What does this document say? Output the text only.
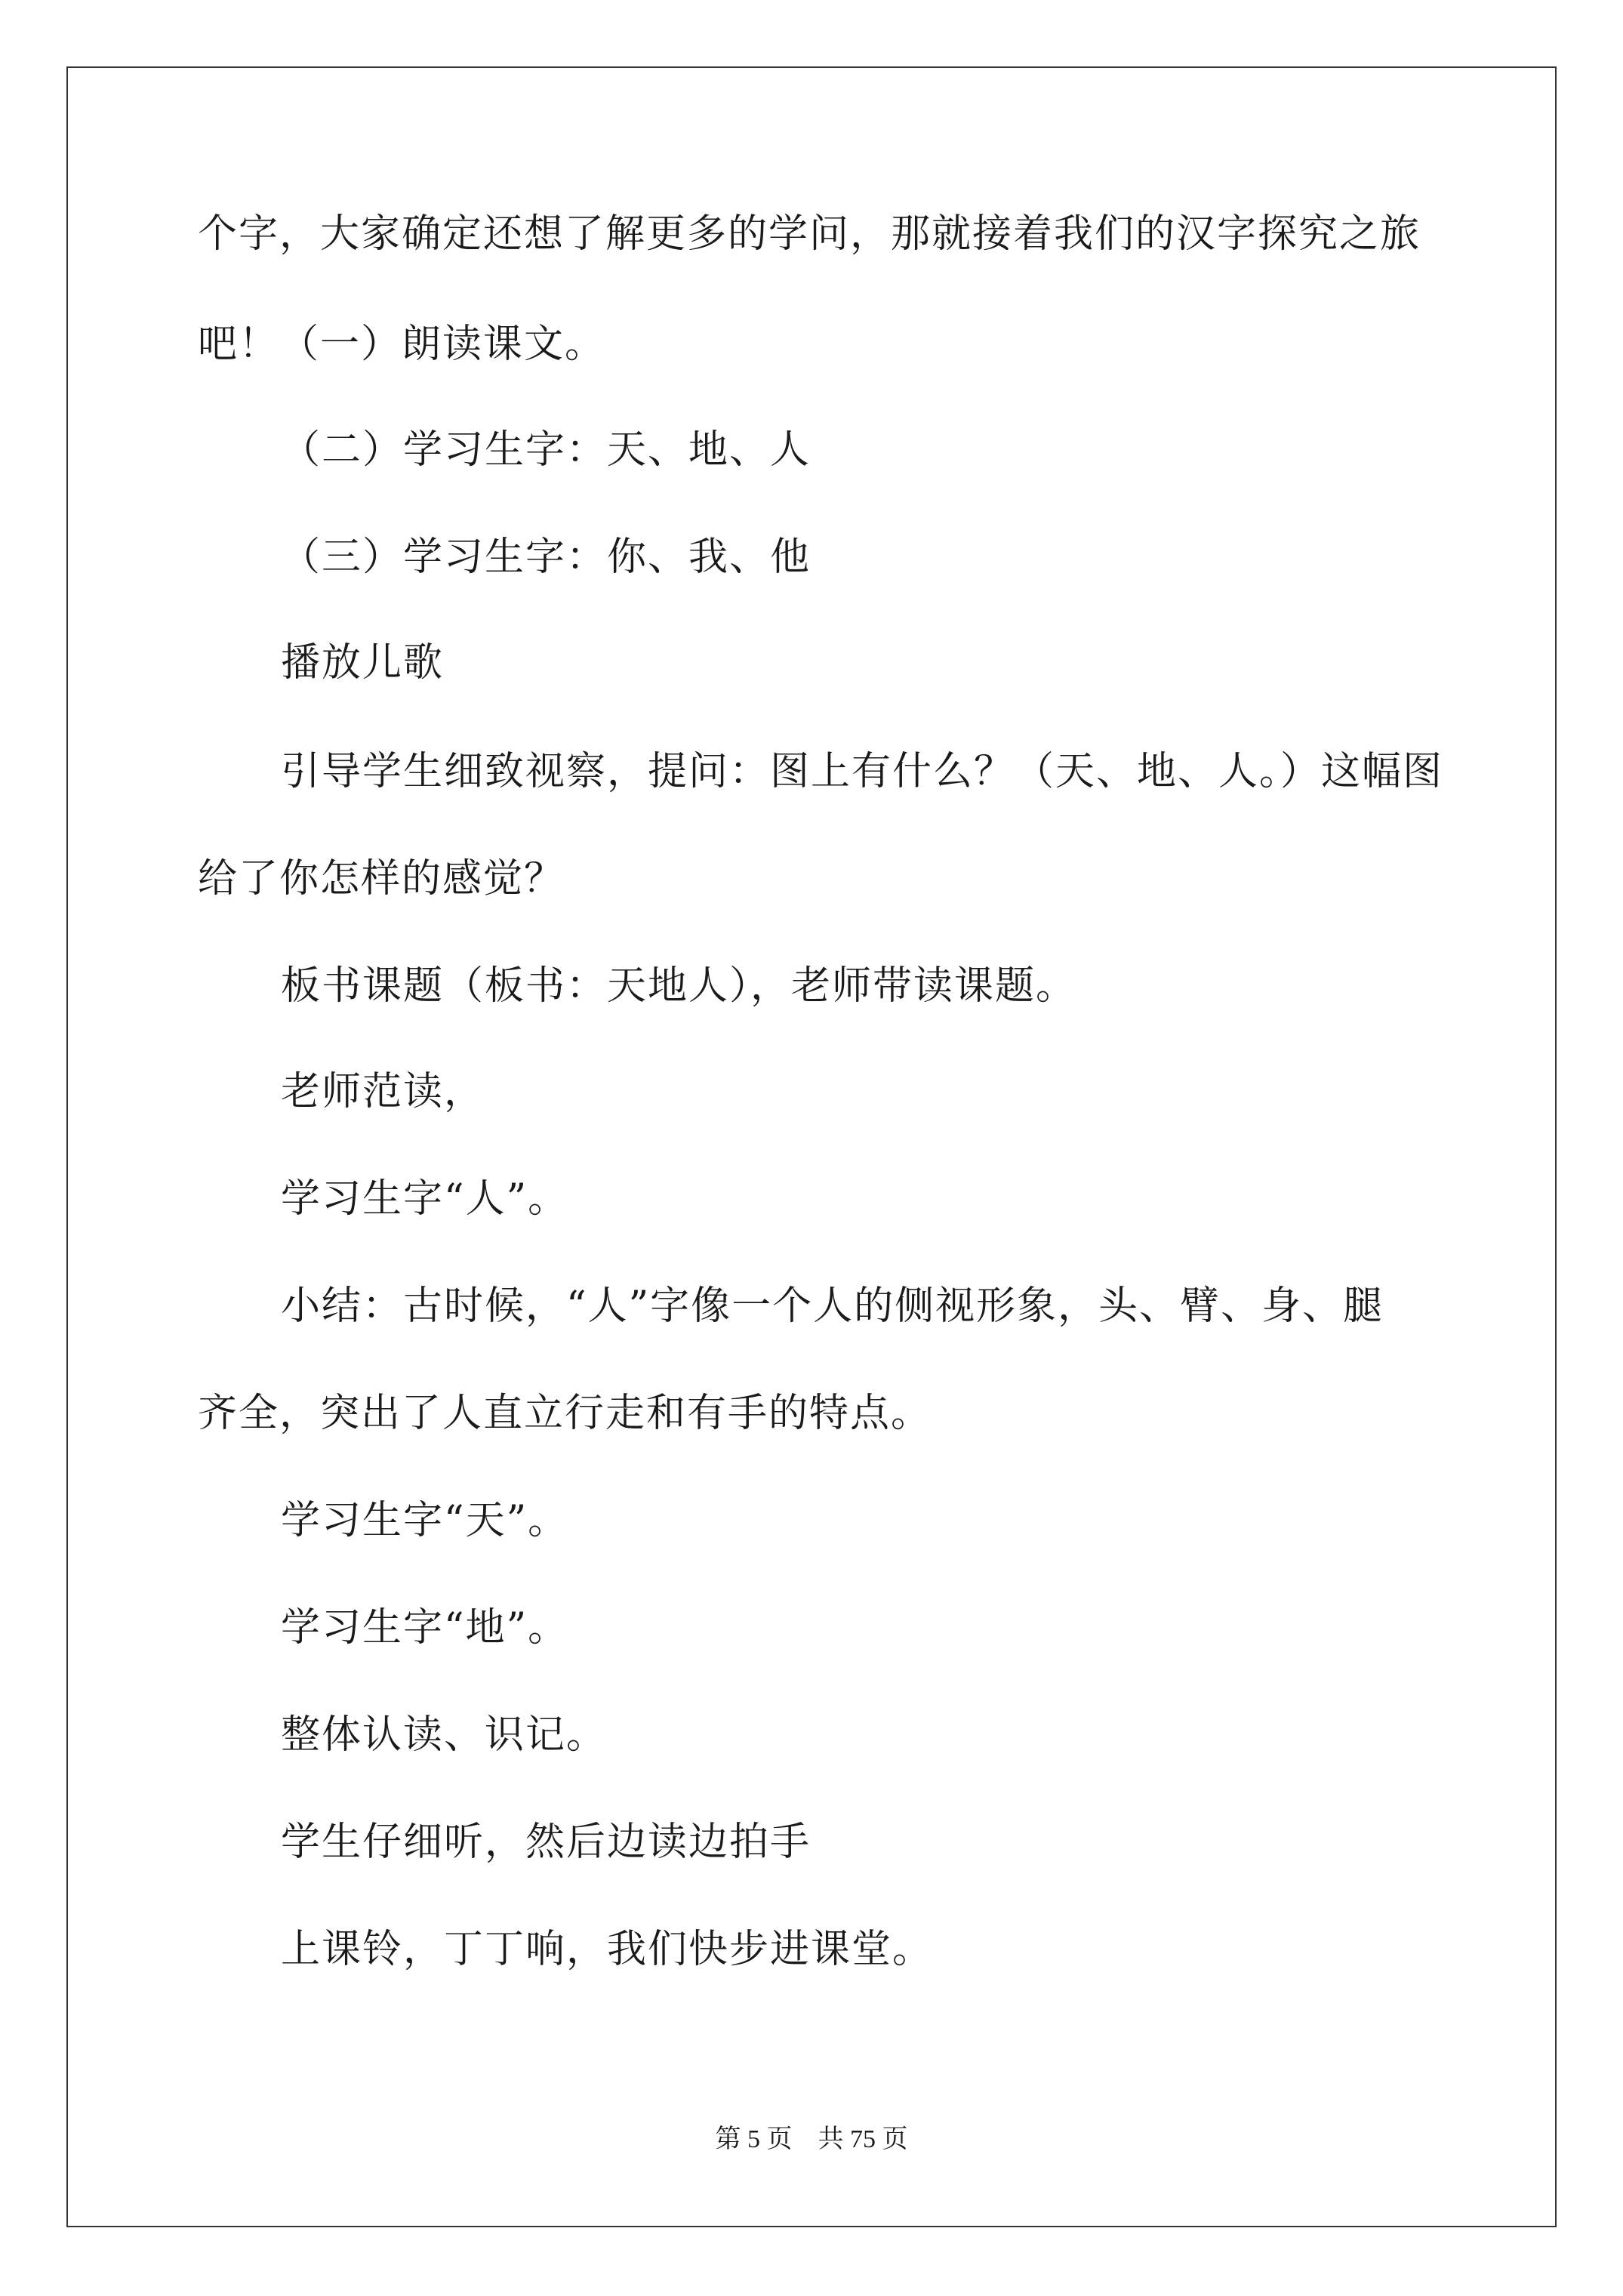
个字，大家确定还想了解更多的学问，那就接着我们的汉字探究之旅

吧！（一）朗读课文。

（二）学习生字：天、地、人

（三）学习生字：你、我、他

播放儿歌

引导学生细致视察，提问：图上有什么？（天、地、人。）这幅图

给了你怎样的感觉？

板书课题（板书：天地人），老师带读课题。

老师范读，

学习生字“人”。

小结：古时候，“人”字像一个人的侧视形象，头、臂、身、腿

齐全，突出了人直立行走和有手的特点。

学习生字“天”。

学习生字“地”。

整体认读、识记。

学生仔细听，然后边读边拍手

上课铃，丁丁响，我们快步进课堂。

第 5 页    共 75 页
